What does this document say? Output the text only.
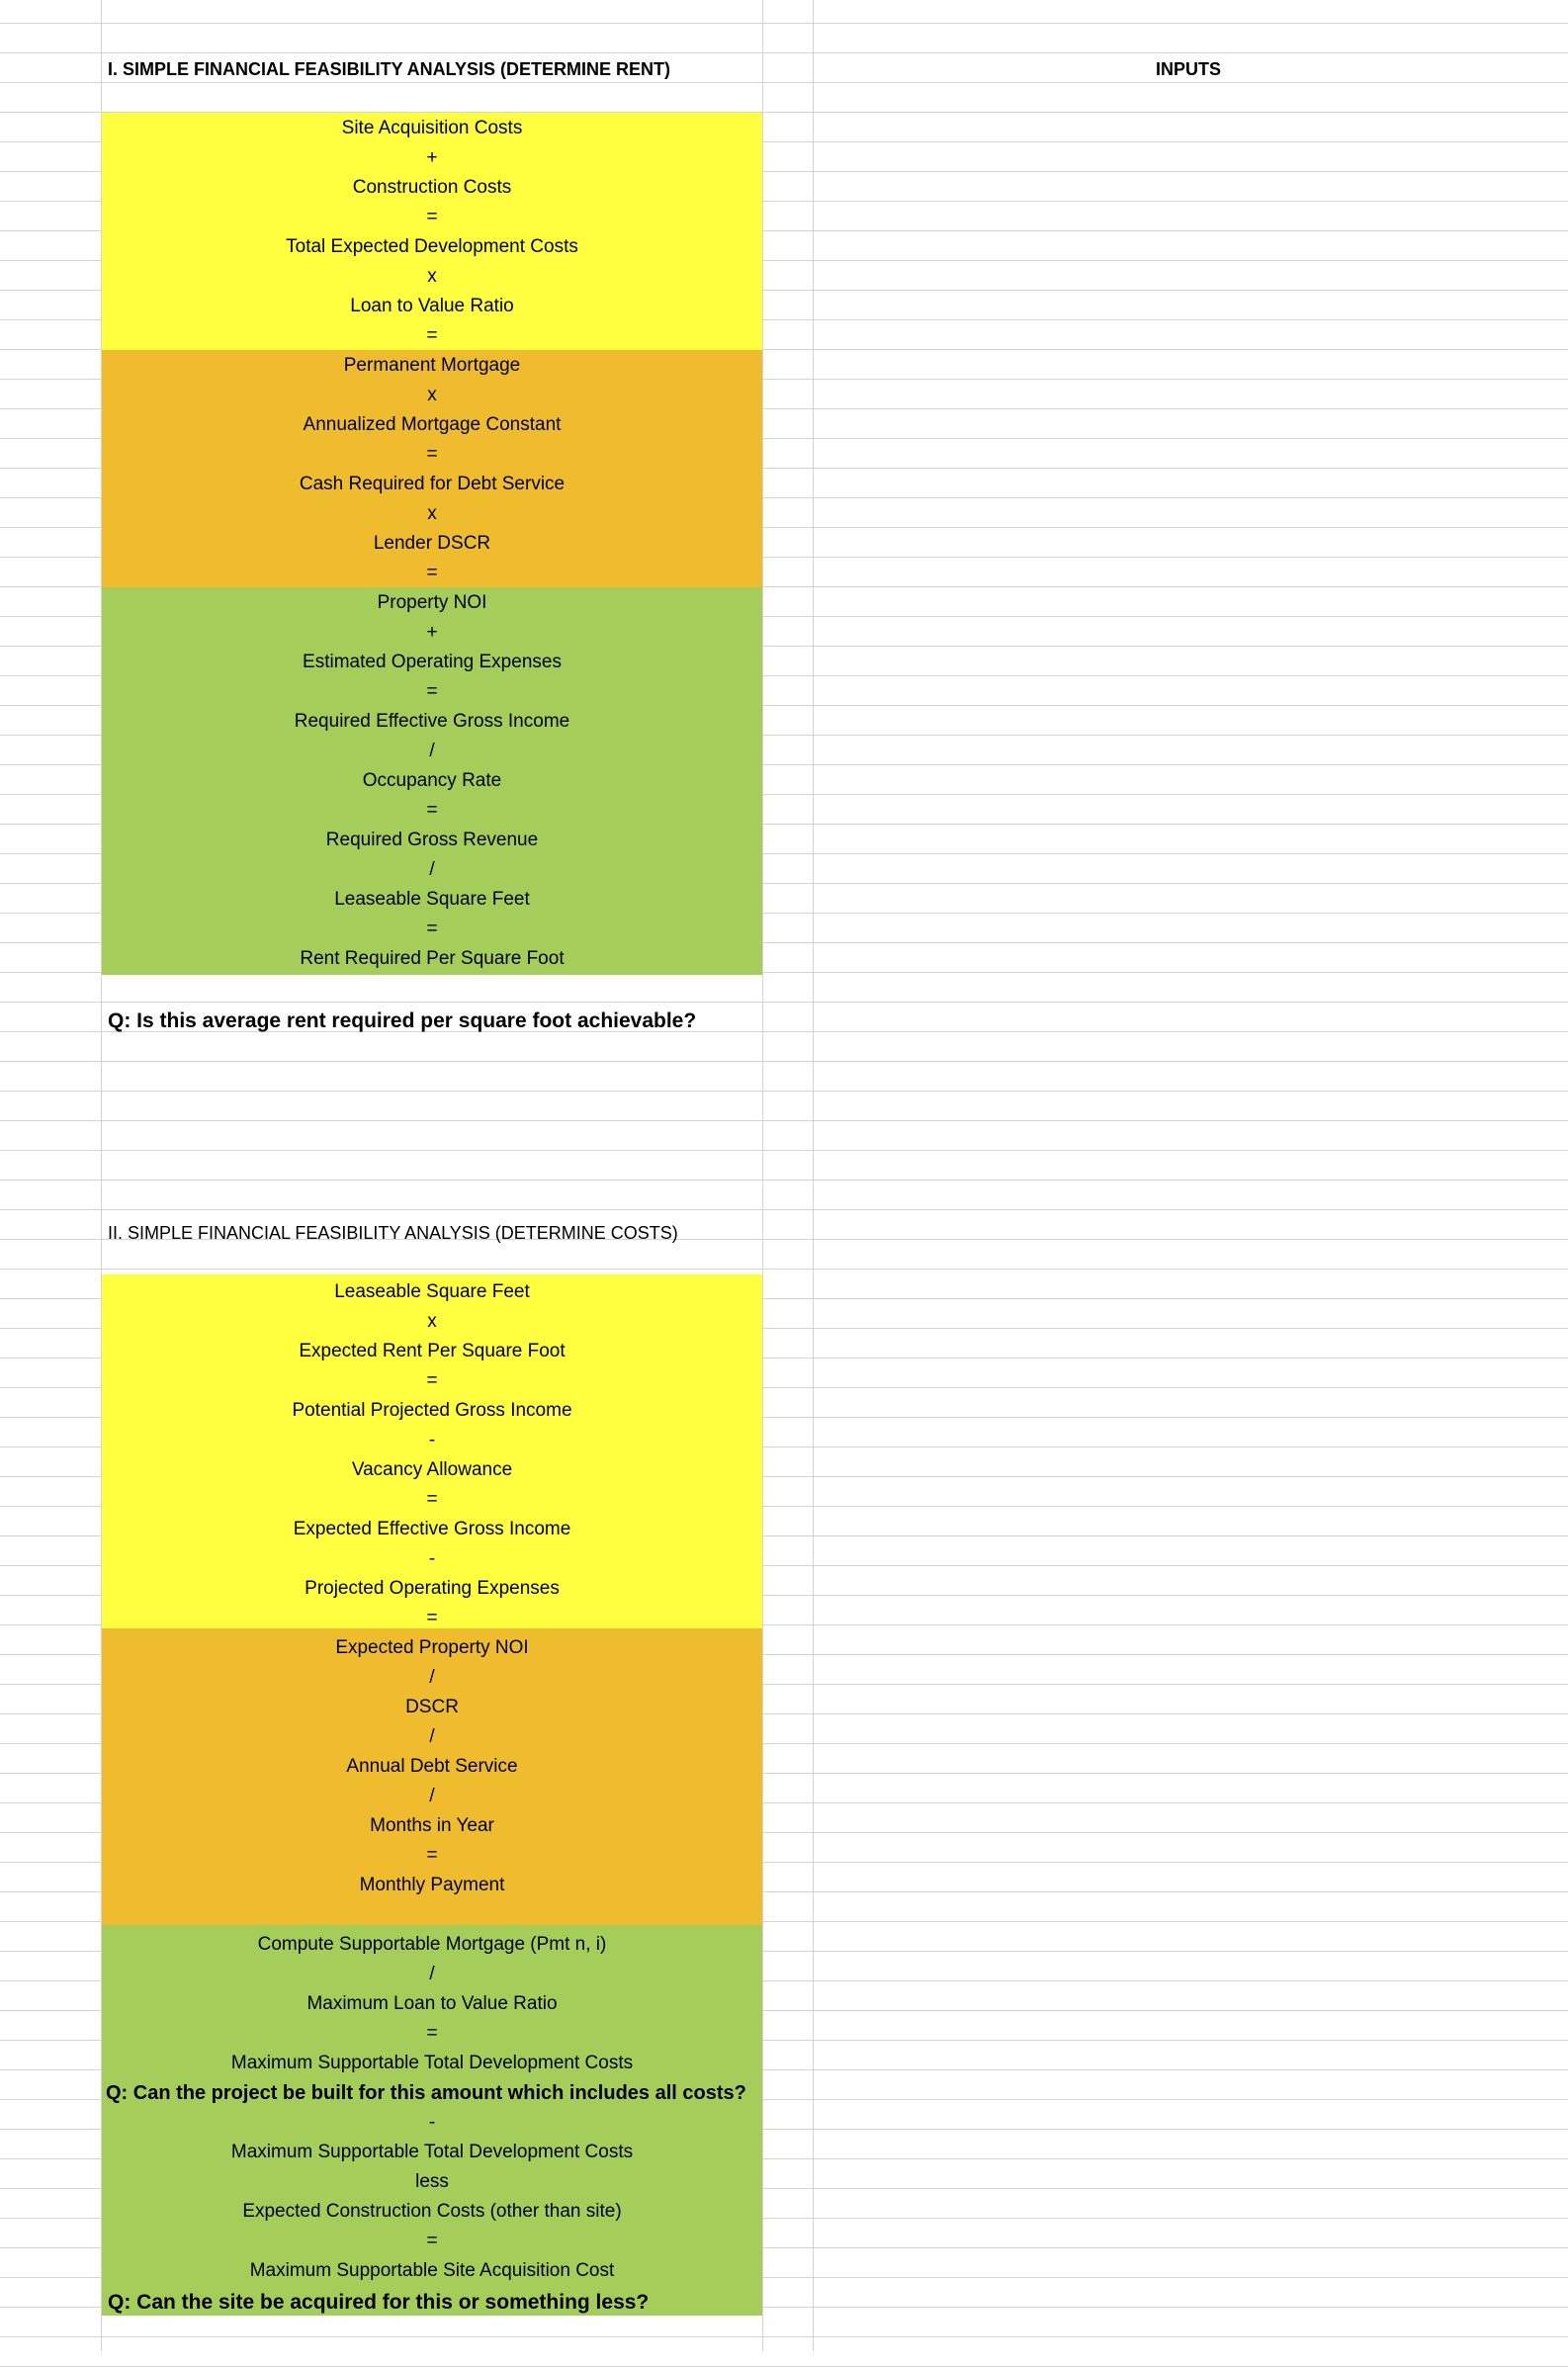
I. SIMPLE FINANCIAL FEASIBILITY ANALYSIS (DETERMINE RENT)	INPUTS
Site Acquisition Costs
+
Construction Costs
=
Total Expected Development Costs
x
Loan to Value Ratio
=
Permanent Mortgage
x
Annualized Mortgage Constant
=
Cash Required for Debt Service
x
Lender DSCR
=
Property NOI
+
Estimated Operating Expenses
=
Required Effective Gross Income
/
Occupancy Rate
=
Required Gross Revenue
/
Leaseable Square Feet
=
Rent Required Per Square Foot
Q: Is this average rent required per square foot achievable?
II. SIMPLE FINANCIAL FEASIBILITY ANALYSIS (DETERMINE COSTS)
Leaseable Square Feet
x
Expected Rent Per Square Foot
=
Potential Projected Gross Income
-
Vacancy Allowance
=
Expected Effective Gross Income
-
Projected Operating Expenses
=
Expected Property NOI
/
DSCR
/
Annual Debt Service
/
Months in Year
=
Monthly Payment
Compute Supportable Mortgage (Pmt n, i)
/
Maximum Loan to Value Ratio
=
Maximum Supportable Total Development Costs
Q: Can the project be built for this amount which includes all costs?
-
Maximum Supportable Total Development Costs
less
Expected Construction Costs (other than site)
=
Maximum Supportable Site Acquisition Cost
Q: Can the site be acquired for this or something less?
